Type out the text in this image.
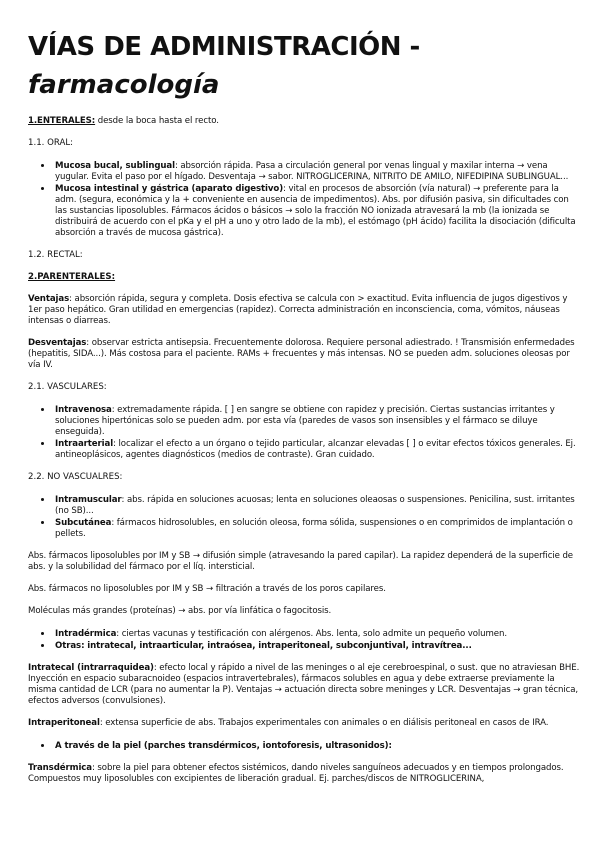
VÍAS DE ADMINISTRACIÓN -
farmacología

1.ENTERALES: desde la boca hasta el recto.

1.1. ORAL:

• Mucosa bucal, sublingual: absorción rápida. Pasa a circulación general por venas lingual y maxilar interna → vena yugular. Evita el paso por el hígado. Desventaja → sabor. NITROGLICERINA, NITRITO DE AMILO, NIFEDIPINA SUBLINGUAL...
• Mucosa intestinal y gástrica (aparato digestivo): vital en procesos de absorción (vía natural) → preferente para la adm. (segura, económica y la + conveniente en ausencia de impedimentos). Abs. por difusión pasiva, sin dificultades con las sustancias liposolubles. Fármacos ácidos o básicos → solo la fracción NO ionizada atravesará la mb (la ionizada se distribuirá de acuerdo con el pKa y el pH a uno y otro lado de la mb), el estómago (pH ácido) facilita la disociación (dificulta absorción a través de mucosa gástrica).

1.2. RECTAL:

2.PARENTERALES:

Ventajas: absorción rápida, segura y completa. Dosis efectiva se calcula con > exactitud. Evita influencia de jugos digestivos y 1er paso hepático. Gran utilidad en emergencias (rapidez). Correcta administración en inconsciencia, coma, vómitos, náuseas intensas o diarreas.

Desventajas: observar estricta antisepsia. Frecuentemente dolorosa. Requiere personal adiestrado. ! Transmisión enfermedades (hepatitis, SIDA...). Más costosa para el paciente. RAMs + frecuentes y más intensas. NO se pueden adm. soluciones oleosas por vía IV.

2.1. VASCULARES:

• Intravenosa: extremadamente rápida. [ ] en sangre se obtiene con rapidez y precisión. Ciertas sustancias irritantes y soluciones hipertónicas solo se pueden adm. por esta vía (paredes de vasos son insensibles y el fármaco se diluye enseguida).
• Intraarterial: localizar el efecto a un órgano o tejido particular, alcanzar elevadas [ ] o evitar efectos tóxicos generales. Ej. antineoplásicos, agentes diagnósticos (medios de contraste). Gran cuidado.

2.2. NO VASCUALRES:

• Intramuscular: abs. rápida en soluciones acuosas; lenta en soluciones oleaosas o suspensiones. Penicilina, sust. irritantes (no SB)...
• Subcutánea: fármacos hidrosolubles, en solución oleosa, forma sólida, suspensiones o en comprimidos de implantación o pellets.

Abs. fármacos liposolubles por IM y SB → difusión simple (atravesando la pared capilar). La rapidez dependerá de la superficie de abs. y la solubilidad del fármaco por el líq. intersticial.

Abs. fármacos no liposolubles por IM y SB → filtración a través de los poros capilares.

Moléculas más grandes (proteínas) → abs. por vía linfática o fagocitosis.

• Intradérmica: ciertas vacunas y testificación con alérgenos. Abs. lenta, solo admite un pequeño volumen.
• Otras: intratecal, intraarticular, intraósea, intraperitoneal, subconjuntival, intravítrea...

Intratecal (intrarraquidea): efecto local y rápido a nivel de las meninges o al eje cerebroespinal, o sust. que no atraviesan BHE. Inyección en espacio subaracnoideo (espacios intravertebrales), fármacos solubles en agua y debe extraerse previamente la misma cantidad de LCR (para no aumentar la P). Ventajas → actuación directa sobre meninges y LCR. Desventajas → gran técnica, efectos adversos (convulsiones).

Intraperitoneal: extensa superficie de abs. Trabajos experimentales con animales o en diálisis peritoneal en casos de IRA.

• A través de la piel (parches transdérmicos, iontoforesis, ultrasonidos):

Transdérmica: sobre la piel para obtener efectos sistémicos, dando niveles sanguíneos adecuados y en tiempos prolongados. Compuestos muy liposolubles con excipientes de liberación gradual. Ej. parches/discos de NITROGLICERINA,
